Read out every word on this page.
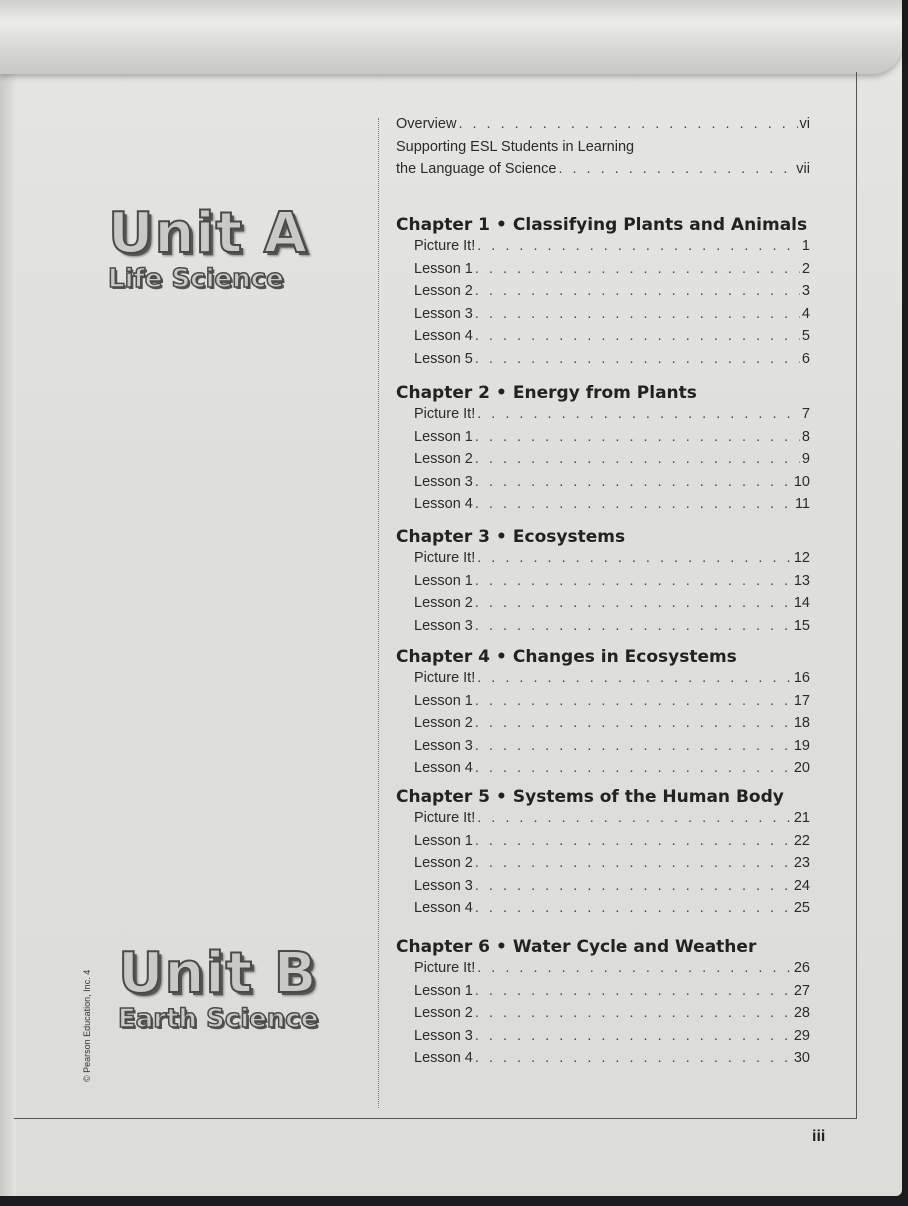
Unit A
Life Science
Unit B
Earth Science
© Pearson Education, Inc. 4
Overview . . .	vi
Supporting ESL Students in Learning
the Language of Science . . .	vii
Chapter 1 • Classifying Plants and Animals
Picture It! . . .	1
Lesson 1 . . .	2
Lesson 2 . . .	3
Lesson 3 . . .	4
Lesson 4 . . .	5
Lesson 5 . . .	6
Chapter 2 • Energy from Plants
Picture It! . . .	7
Lesson 1 . . .	8
Lesson 2 . . .	9
Lesson 3 . . .	10
Lesson 4 . . .	11
Chapter 3 • Ecosystems
Picture It! . . .	12
Lesson 1 . . .	13
Lesson 2 . . .	14
Lesson 3 . . .	15
Chapter 4 • Changes in Ecosystems
Picture It! . . .	16
Lesson 1 . . .	17
Lesson 2 . . .	18
Lesson 3 . . .	19
Lesson 4 . . .	20
Chapter 5 • Systems of the Human Body
Picture It! . . .	21
Lesson 1 . . .	22
Lesson 2 . . .	23
Lesson 3 . . .	24
Lesson 4 . . .	25
Chapter 6 • Water Cycle and Weather
Picture It! . . .	26
Lesson 1 . . .	27
Lesson 2 . . .	28
Lesson 3 . . .	29
Lesson 4 . . .	30
iii
